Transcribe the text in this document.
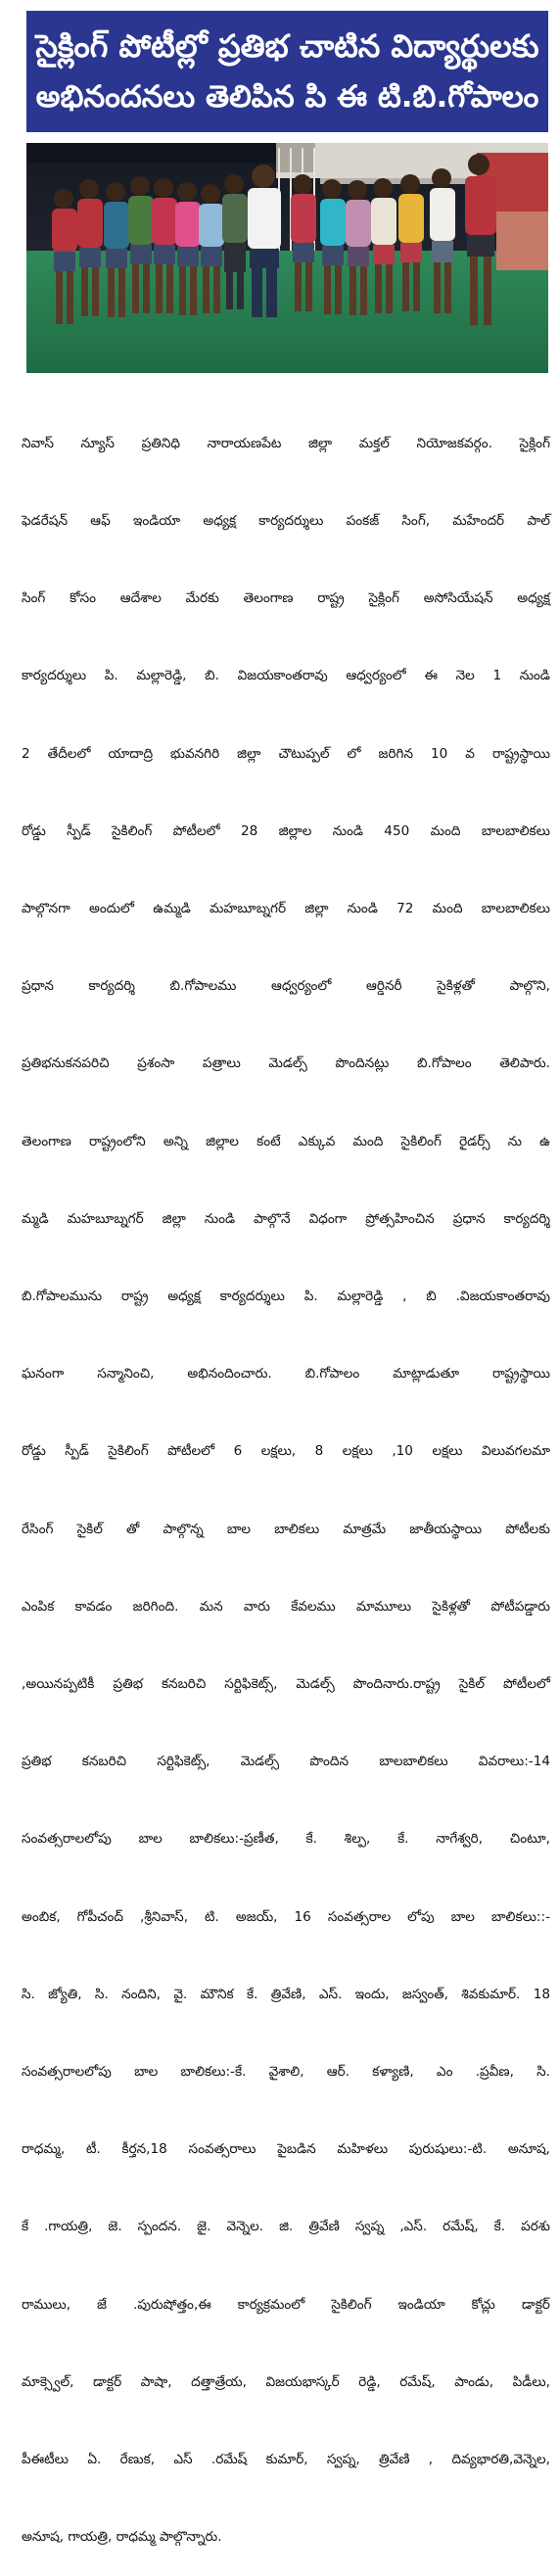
సైక్లింగ్ పోటీల్లో ప్రతిభ చాటిన విద్యార్థులకు
అభినందనలు తెలిపిన పి ఈ టి.బి.గోపాలం

నివాస్ న్యూస్ ప్రతినిధి నారాయణపేట జిల్లా మక్తల్ నియోజకవర్గం. సైక్లింగ్

ఫెడరేషన్ ఆఫ్ ఇండియా అధ్యక్ష కార్యదర్శులు పంకజ్ సింగ్, మహేందర్ పాల్

సింగ్ కోసం ఆదేశాల మేరకు తెలంగాణ రాష్ట్ర సైక్లింగ్ అసోసియేషన్ అధ్యక్ష

కార్యదర్శులు పి. మల్లారెడ్డి, బి. విజయకాంతరావు ఆధ్వర్యంలో ఈ నెల 1 నుండి

2 తేదీలలో యాదాద్రి భువనగిరి జిల్లా చౌటుప్పల్ లో జరిగిన 10 వ రాష్ట్రస్థాయి

రోడ్డు స్పీడ్ సైకిలింగ్ పోటీలలో 28 జిల్లాల నుండి 450 మంది బాలబాలికలు

పాల్గొనగా అందులో ఉమ్మడి మహబూబ్నగర్ జిల్లా నుండి 72 మంది బాలబాలికలు

ప్రధాన కార్యదర్శి బి.గోపాలము ఆధ్వర్యంలో ఆర్డినరీ సైకిళ్లతో పాల్గొని,

ప్రతిభనుకనపరిచి ప్రశంసా పత్రాలు మెడల్స్ పొందినట్లు బి.గోపాలం తెలిపారు.

తెలంగాణ రాష్ట్రంలోని అన్ని జిల్లాల కంటే ఎక్కువ మంది సైకిలింగ్ రైడర్స్ ను ఉ

మ్మడి మహబూబ్నగర్ జిల్లా నుండి పాల్గొనే విధంగా ప్రోత్సహించిన ప్రధాన కార్యదర్శి

బి.గోపాలమును రాష్ట్ర అధ్యక్ష కార్యదర్శులు పి. మల్లారెడ్డి , బి .విజయకాంతరావు

ఘనంగా సన్మానించి, అభినందించారు. బి.గోపాలం మాట్లాడుతూ రాష్ట్రస్థాయి

రోడ్డు స్పీడ్ సైకిలింగ్ పోటీలలో 6 లక్షలు, 8 లక్షలు ,10 లక్షలు విలువగలమా

రేసింగ్ సైకిల్ తో పాల్గొన్న బాల బాలికలు మాత్రమే జాతీయస్థాయి పోటీలకు

ఎంపిక కావడం జరిగింది. మన వారు కేవలము మామూలు సైకిళ్లతో పోటీపడ్డారు

,అయినప్పటికీ ప్రతిభ కనబరిచి సర్టిఫికెట్స్, మెడల్స్ పొందినారు.రాష్ట్ర సైకిల్ పోటీలలో

ప్రతిభ కనబరిచి సర్టిఫికెట్స్, మెడల్స్ పొందిన బాలబాలికలు వివరాలు:-14

సంవత్సరాలలోపు బాల బాలికలు:-ప్రణీత, కే. శిల్ప, కే. నాగేశ్వరి, చింటూ,

అంబిక, గోపీచంద్ ,శ్రీనివాస్, టి. అజయ్, 16 సంవత్సరాల లోపు బాల బాలికలు::-

సి. జ్యోతి, సి. నందిని, వై. మౌనిక కే. త్రివేణి, ఎస్. ఇందు, జస్వంత్, శివకుమార్. 18

సంవత్సరాలలోపు బాల బాలికలు:-కే. వైశాలి, ఆర్. కళ్యాణి, ఎం .ప్రవీణ, సి.

రాధమ్మ, టీ. కీర్తన,18 సంవత్సరాలు పైబడిన మహిళలు పురుషులు:-టి. అనూష,

కే .గాయత్రి, జె. స్పందన. జై. వెన్నెల. జి. త్రివేణి స్వప్న ,ఎస్. రమేష్, కే. పరశు

రాములు, జే .పురుషోత్తం,ఈ కార్యక్రమంలో సైకిలింగ్ ఇండియా కోచ్లు డాక్టర్

మాక్స్వెల్, డాక్టర్ పాషా, దత్తాత్రేయ, విజయభాస్కర్ రెడ్డి, రమేష్, పాండు, పిడీలు,

పీఈటీలు ఏ. రేణుక, ఎస్ .రమేష్ కుమార్, స్వప్న, త్రివేణి , దివ్యభారతి,వెన్నెల,

అనూష, గాయత్రి, రాధమ్మ పాల్గొన్నారు.
